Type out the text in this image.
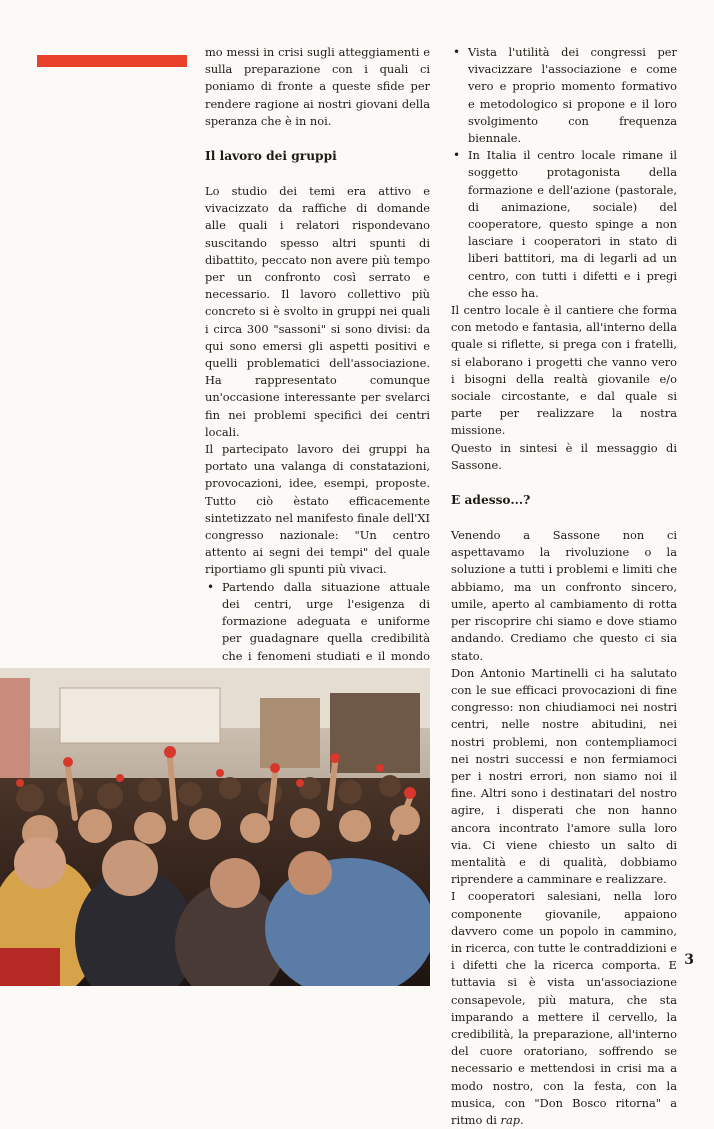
mo messi in crisi sugli atteggiamenti e sulla preparazione con i quali ci poniamo di fronte a queste sfide per rendere ragione ai nostri giovani della speranza che è in noi.

Il lavoro dei gruppi

Lo studio dei temi era attivo e vivacizzato da raffiche di domande alle quali i relatori rispondevano suscitando spesso altri spunti di dibattito, peccato non avere più tempo per un confronto così serrato e necessario. Il lavoro collettivo più concreto si è svolto in gruppi nei quali i circa 300 "sassoni" si sono divisi: da qui sono emersi gli aspetti positivi e quelli problematici dell'associazione. Ha rappresentato comunque un'occasione interessante per svelarci fin nei problemi specifici dei centri locali.

Il partecipato lavoro dei gruppi ha portato una valanga di constatazioni, provocazioni, idee, esempi, proposte. Tutto ciò èstato efficacemente sintetizzato nel manifesto finale dell'XI congresso nazionale: "Un centro attento ai segni dei tempi" del quale riportiamo gli spunti più vivaci.

• Partendo dalla situazione attuale dei centri, urge l'esigenza di formazione adeguata e uniforme per guadagnare quella credibilità che i fenomeni studiati e il mondo
• Vista l'utilità dei congressi per vivacizzare l'associazione e come vero e proprio momento formativo e metodologico si propone e il loro svolgimento con frequenza biennale.
• In Italia il centro locale rimane il soggetto protagonista della formazione e dell'azione (pastorale, di animazione, sociale) del cooperatore, questo spinge a non lasciare i cooperatori in stato di liberi battitori, ma di legarli ad un centro, con tutti i difetti e i pregi che esso ha.

Il centro locale è il cantiere che forma con metodo e fantasia, all'interno della quale si riflette, si prega con i fratelli, si elaborano i progetti che vanno vero i bisogni della realtà giovanile e/o sociale circostante, e dal quale si parte per realizzare la nostra missione.

Questo in sintesi è il messaggio di Sassone.

E adesso...?

Venendo a Sassone non ci aspettavamo la rivoluzione o la soluzione a tutti i problemi e limiti che abbiamo, ma un confronto sincero, umile, aperto al cambiamento di rotta per riscoprire chi siamo e dove stiamo andando. Crediamo che questo ci sia stato.

Don Antonio Martinelli ci ha salutato con le sue efficaci provocazioni di fine congresso: non chiudiamoci nei nostri centri, nelle nostre abitudini, nei nostri problemi, non contempliamoci nei nostri successi e non fermiamoci per i nostri errori, non siamo noi il fine. Altri sono i destinatari del nostro agire, i disperati che non hanno ancora incontrato l'amore sulla loro via. Ci viene chiesto un salto di mentalità e di qualità, dobbiamo riprendere a camminare e realizzare.

I cooperatori salesiani, nella loro componente giovanile, appaiono davvero come un popolo in cammino, in ricerca, con tutte le contraddizioni e i difetti che la ricerca comporta. E tuttavia si è vista un'associazione consapevole, più matura, che sta imparando a mettere il cervello, la credibilità, la preparazione, all'interno del cuore oratoriano, soffrendo se necessario e mettendosi in crisi ma a modo nostro, con la festa, con la musica, con "Don Bosco ritorna" a ritmo di rap.

3
